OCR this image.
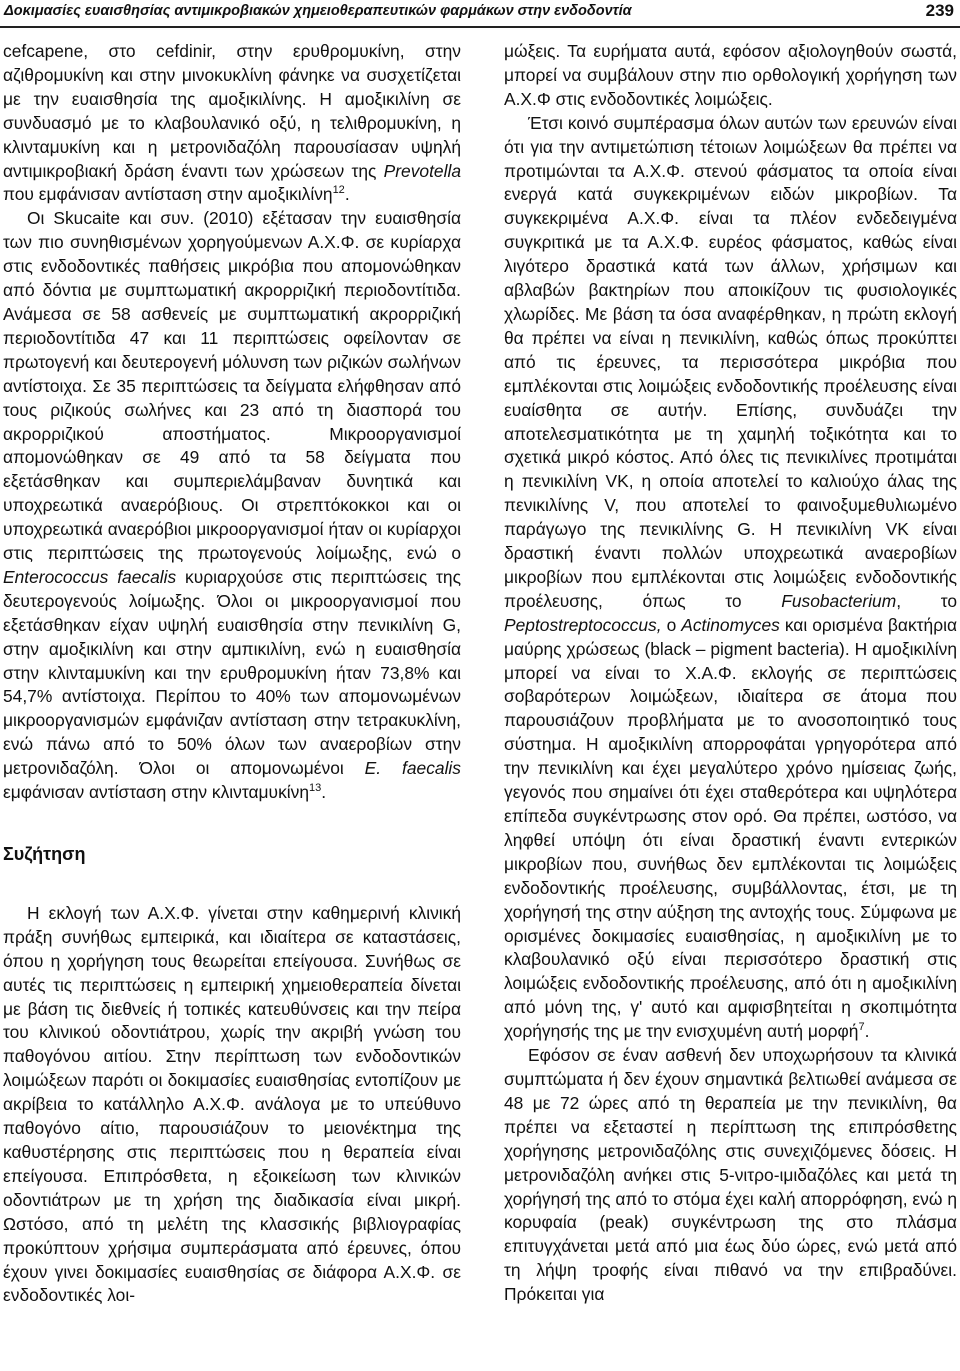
Δοκιμασίες ευαισθησίας αντιμικροβιακών χημειοθεραπευτικών φαρμάκων στην ενδοδοντία	239

cefcapene, στο cefdinir, στην ερυθρομυκίνη, στην αζιθρομυκίνη και στην μινοκυκλίνη φάνηκε να συσχετίζεται με την ευαισθησία της αμοξικιλίνης. Η αμοξικιλίνη σε συνδυασμό με το κλαβουλανικό οξύ, η τελιθρομυκίνη, η κλινταμυκίνη και η μετρονιδαζόλη παρουσίασαν υψηλή αντιμικροβιακή δράση έναντι των χρώσεων της Prevotella που εμφάνισαν αντίσταση στην αμοξικιλίνη$^{12}$.

Οι Skucaite και συν. (2010) εξέτασαν την ευαισθησία των πιο συνηθισμένων χορηγούμενων Α.Χ.Φ. σε κυρίαρχα στις ενδοδοντικές παθήσεις μικρόβια που απομονώθηκαν από δόντια με συμπτωματική ακρορριζική περιοδοντίτιδα. Ανάμεσα σε 58 ασθενείς με συμπτωματική ακρορριζική περιοδοντίτιδα 47 και 11 περιπτώσεις οφείλονταν σε πρωτογενή και δευτερογενή μόλυνση των ριζικών σωλήνων αντίστοιχα. Σε 35 περιπτώσεις τα δείγματα ελήφθησαν από τους ριζικούς σωλήνες και 23 από τη διασπορά του ακρορριζικού αποστήματος. Μικροοργανισμοί απομονώθηκαν σε 49 από τα 58 δείγματα που εξετάσθηκαν και συμπεριελάμβαναν δυνητικά και υποχρεωτικά αναερόβιους. Οι στρεπτόκοκκοι και οι υποχρεωτικά αναερόβιοι μικροοργανισμοί ήταν οι κυρίαρχοι στις περιπτώσεις της πρωτογενούς λοίμωξης, ενώ ο Enterococcus faecalis κυριαρχούσε στις περιπτώσεις της δευτερογενούς λοίμωξης. Όλοι οι μικροοργανισμοί που εξετάσθηκαν είχαν υψηλή ευαισθησία στην πενικιλίνη G, στην αμοξικιλίνη και στην αμπικιλίνη, ενώ η ευαισθησία στην κλινταμυκίνη και την ερυθρομυκίνη ήταν 73,8% και 54,7% αντίστοιχα. Περίπου το 40% των απομονωμένων μικροοργανισμών εμφάνιζαν αντίσταση στην τετρακυκλίνη, ενώ πάνω από το 50% όλων των αναεροβίων στην μετρονιδαζόλη. Όλοι οι απομονωμένοι E. faecalis εμφάνισαν αντίσταση στην κλινταμυκίνη$^{13}$.

Συζήτηση

Η εκλογή των Α.Χ.Φ. γίνεται στην καθημερινή κλινική πράξη συνήθως εμπειρικά, και ιδιαίτερα σε καταστάσεις, όπου η χορήγηση τους θεωρείται επείγουσα. Συνήθως σε αυτές τις περιπτώσεις η εμπειρική χημειοθεραπεία δίνεται με βάση τις διεθνείς ή τοπικές κατευθύνσεις και την πείρα του κλινικού οδοντιάτρου, χωρίς την ακριβή γνώση του παθογόνου αιτίου. Στην περίπτωση των ενδοδοντικών λοιμώξεων παρότι οι δοκιμασίες ευαισθησίας εντοπίζουν με ακρίβεια το κατάλληλο Α.Χ.Φ. ανάλογα με το υπεύθυνο παθογόνο αίτιο, παρουσιάζουν το μειονέκτημα της καθυστέρησης στις περιπτώσεις που η θεραπεία είναι επείγουσα. Επιπρόσθετα, η εξοικείωση των κλινικών οδοντιάτρων με τη χρήση της διαδικασία είναι μικρή. Ωστόσο, από τη μελέτη της κλασσικής βιβλιογραφίας προκύπτουν χρήσιμα συμπεράσματα από έρευνες, όπου έχουν γινει δοκιμασίες ευαισθησίας σε διάφορα Α.Χ.Φ. σε ενδοδοντικές λοι-

μώξεις. Τα ευρήματα αυτά, εφόσον αξιολογηθούν σωστά, μπορεί να συμβάλουν στην πιο ορθολογική χορήγηση των Α.Χ.Φ στις ενδοδοντικές λοιμώξεις.

Έτσι κοινό συμπέρασμα όλων αυτών των ερευνών είναι ότι για την αντιμετώπιση τέτοιων λοιμώξεων θα πρέπει να προτιμώνται τα Α.Χ.Φ. στενού φάσματος τα οποία είναι ενεργά κατά συγκεκριμένων ειδών μικροβίων. Τα συγκεκριμένα Α.Χ.Φ. είναι τα πλέον ενδεδειγμένα συγκριτικά με τα Α.Χ.Φ. ευρέος φάσματος, καθώς είναι λιγότερο δραστικά κατά των άλλων, χρήσιμων και αβλαβών βακτηρίων που αποικίζουν τις φυσιολογικές χλωρίδες. Με βάση τα όσα αναφέρθηκαν, η πρώτη εκλογή θα πρέπει να είναι η πενικιλίνη, καθώς όπως προκύπτει από τις έρευνες, τα περισσότερα μικρόβια που εμπλέκονται στις λοιμώξεις ενδοδοντικής προέλευσης είναι ευαίσθητα σε αυτήν. Επίσης, συνδυάζει την αποτελεσματικότητα με τη χαμηλή τοξικότητα και το σχετικά μικρό κόστος. Από όλες τις πενικιλίνες προτιμάται η πενικιλίνη VK, η οποία αποτελεί το καλιούχο άλας της πενικιλίνης V, που αποτελεί το φαινοξυμεθυλιωμένο παράγωγο της πενικιλίνης G. Η πενικιλίνη VK είναι δραστική έναντι πολλών υποχρεωτικά αναεροβίων μικροβίων που εμπλέκονται στις λοιμώξεις ενδοδοντικής προέλευσης, όπως το Fusobacterium, το Peptostreptococcus, ο Actinomyces και ορισμένα βακτήρια μαύρης χρώσεως (black – pigment bacteria). Η αμοξικιλίνη μπορεί να είναι το Χ.Α.Φ. εκλογής σε περιπτώσεις σοβαρότερων λοιμώξεων, ιδιαίτερα σε άτομα που παρουσιάζουν προβλήματα με το ανοσοποιητικό τους σύστημα. Η αμοξικιλίνη απορροφάται γρηγορότερα από την πενικιλίνη και έχει μεγαλύτερο χρόνο ημίσειας ζωής, γεγονός που σημαίνει ότι έχει σταθερότερα και υψηλότερα επίπεδα συγκέντρωσης στον ορό. Θα πρέπει, ωστόσο, να ληφθεί υπόψη ότι είναι δραστική έναντι εντερικών μικροβίων που, συνήθως δεν εμπλέκονται τις λοιμώξεις ενδοδοντικής προέλευσης, συμβάλλοντας, έτσι, με τη χορήγησή της στην αύξηση της αντοχής τους. Σύμφωνα με ορισμένες δοκιμασίες ευαισθησίας, η αμοξικιλίνη με το κλαβουλανικό οξύ είναι περισσότερο δραστική στις λοιμώξεις ενδοδοντικής προέλευσης, από ότι η αμοξικιλίνη από μόνη της, γ' αυτό και αμφισβητείται η σκοπιμότητα χορήγησής της με την ενισχυμένη αυτή μορφή$^7$.

Εφόσον σε έναν ασθενή δεν υποχωρήσουν τα κλινικά συμπτώματα ή δεν έχουν σημαντικά βελτιωθεί ανάμεσα σε 48 με 72 ώρες από τη θεραπεία με την πενικιλίνη, θα πρέπει να εξεταστεί η περίπτωση της επιπρόσθετης χορήγησης μετρονιδαζόλης στις συνεχιζόμενες δόσεις. Η μετρονιδαζόλη ανήκει στις 5-νιτρο-ιμιδαζόλες και μετά τη χορήγησή της από το στόμα έχει καλή απορρόφηση, ενώ η κορυφαία (peak) συγκέντρωση της στο πλάσμα επιτυγχάνεται μετά από μια έως δύο ώρες, ενώ μετά από τη λήψη τροφής είναι πιθανό να την επιβραδύνει. Πρόκειται για
